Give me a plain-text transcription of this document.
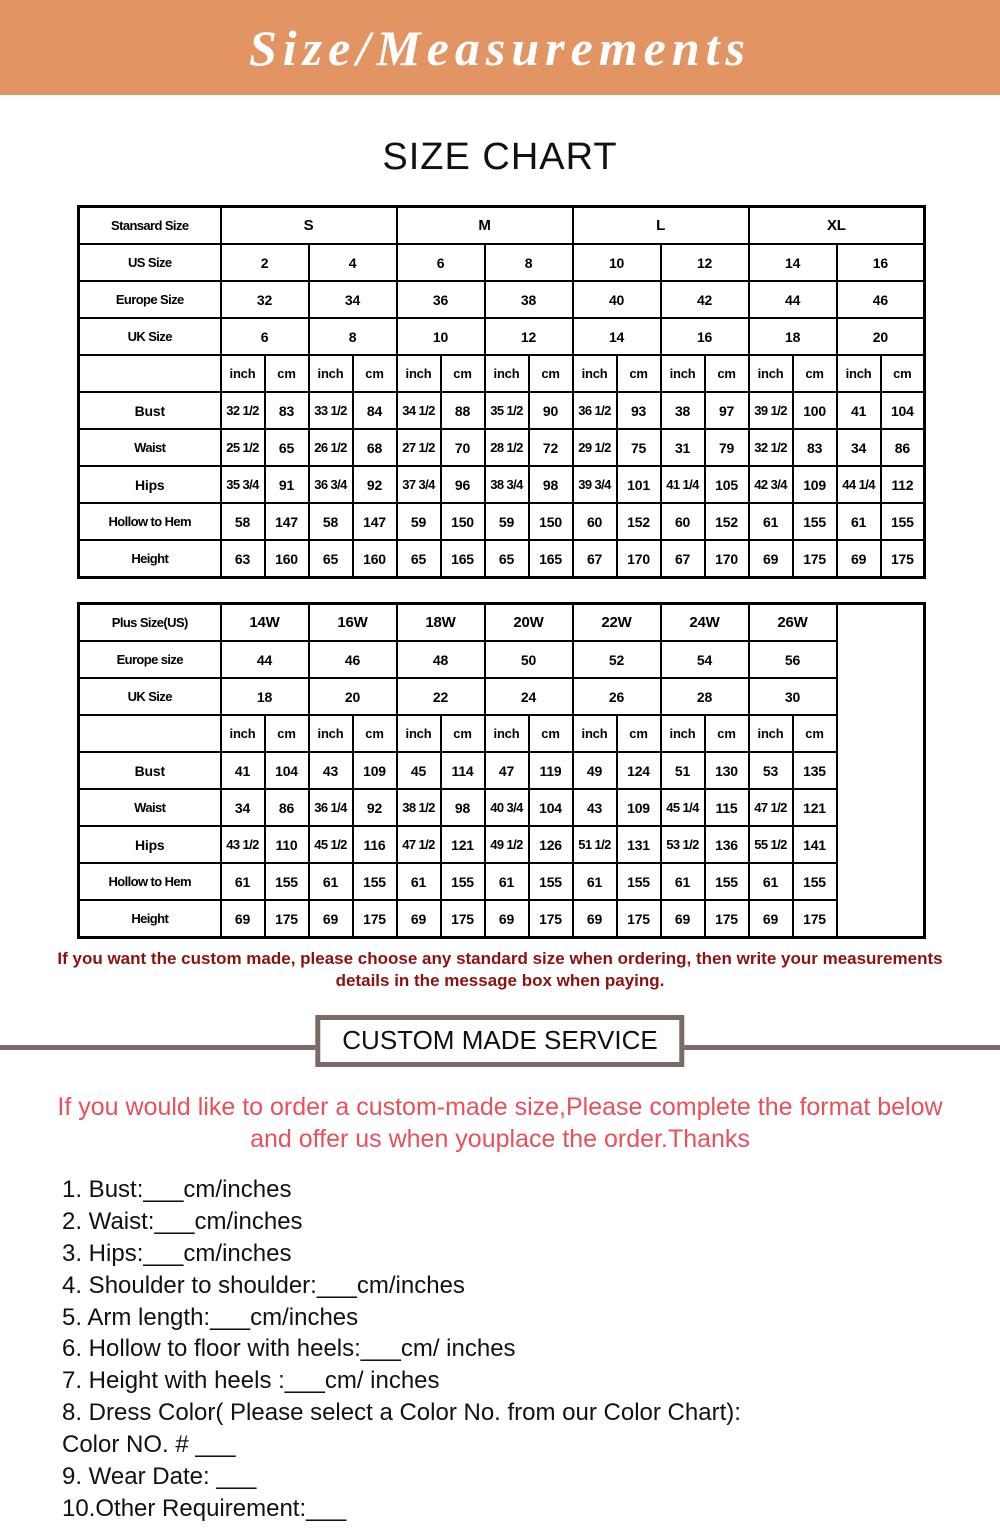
Size/Measurements
SIZE CHART
Stansard Size	S				M				L				XL			
US Size	2		4		6		8		10		12		14		16	
Europe Size	32		34		36		38		40		42		44		46	
UK Size	6		8		10		12		14		16		18		20	
	inch	cm	inch	cm	inch	cm	inch	cm	inch	cm	inch	cm	inch	cm	inch	cm
Bust	32 1/2	83	33 1/2	84	34 1/2	88	35 1/2	90	36 1/2	93	38	97	39 1/2	100	41	104
Waist	25 1/2	65	26 1/2	68	27 1/2	70	28 1/2	72	29 1/2	75	31	79	32 1/2	83	34	86
Hips	35 3/4	91	36 3/4	92	37 3/4	96	38 3/4	98	39 3/4	101	41 1/4	105	42 3/4	109	44 1/4	112
Hollow to Hem	58	147	58	147	59	150	59	150	60	152	60	152	61	155	61	155
Height	63	160	65	160	65	165	65	165	67	170	67	170	69	175	69	175
Plus Size(US)	14W		16W		18W		20W		22W		24W		26W		
Europe size	44		46		48		50		52		54		56		
UK Size	18		20		22		24		26		28		30		
	inch	cm	inch	cm	inch	cm	inch	cm	inch	cm	inch	cm	inch	cm	
Bust	41	104	43	109	45	114	47	119	49	124	51	130	53	135	
Waist	34	86	36 1/4	92	38 1/2	98	40 3/4	104	43	109	45 1/4	115	47 1/2	121	
Hips	43 1/2	110	45 1/2	116	47 1/2	121	49 1/2	126	51 1/2	131	53 1/2	136	55 1/2	141	
Hollow to Hem	61	155	61	155	61	155	61	155	61	155	61	155	61	155	
Height	69	175	69	175	69	175	69	175	69	175	69	175	69	175	
If you want the custom made, please choose any standard size when ordering, then write your measurements details in the message box when paying.
CUSTOM MADE SERVICE
If you would like to order a custom-made size,Please complete the format below and offer us when youplace the order.Thanks
1. Bust:___cm/inches
2. Waist:___cm/inches
3. Hips:___cm/inches
4. Shoulder to shoulder:___cm/inches
5. Arm length:___cm/inches
6. Hollow to floor with heels:___cm/ inches
7. Height with heels :___cm/ inches
8. Dress Color( Please select a Color No. from our Color Chart):
Color NO. # ___
9. Wear Date: ___
10.Other Requirement:___
